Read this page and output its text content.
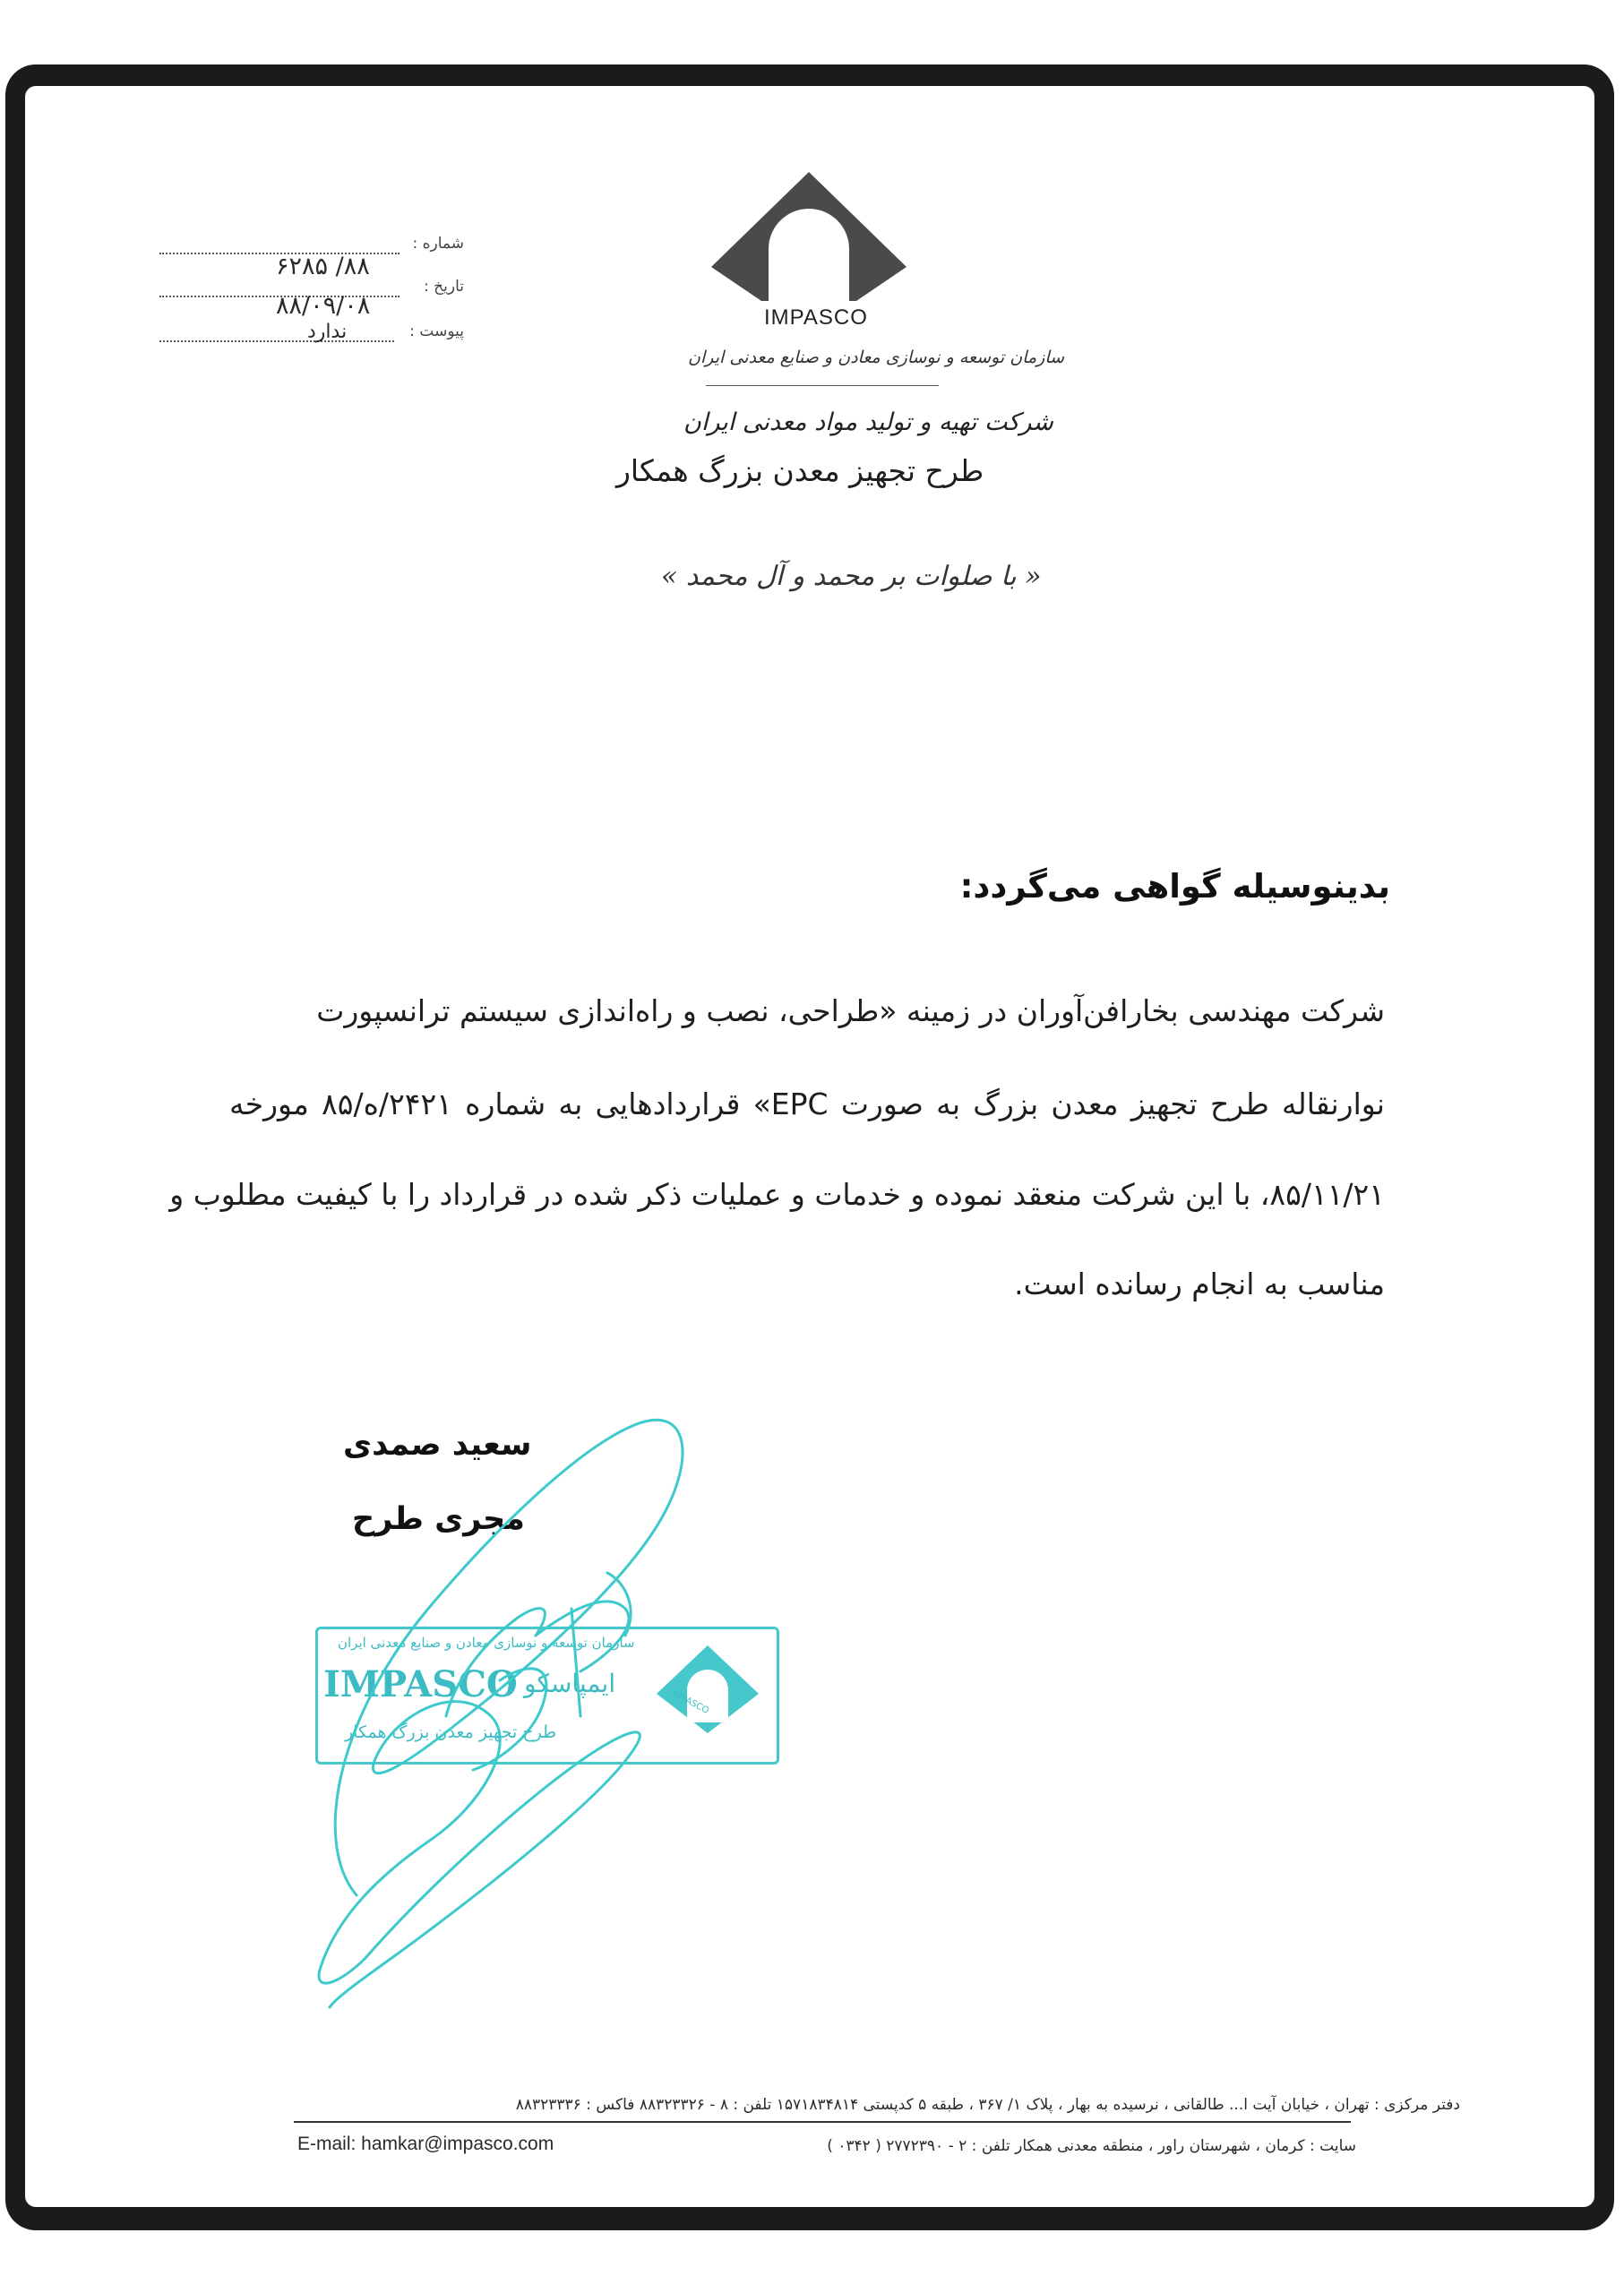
شماره :
۸۸/ ۶۲۸۵
تاریخ :
۸۸/۰۹/۰۸
پیوست :
ندارد
IMPASCO
سازمان توسعه و نوسازی معادن و صنایع معدنی ایران
شرکت تهیه و تولید مواد معدنی ایران
طرح تجهیز معدن بزرگ همکار
« با صلوات بر محمد و آل محمد »
بدینوسیله گواهی می‌گردد:
شرکت مهندسی بخارافن‌آوران در زمینه «طراحی، نصب و راه‌اندازی سیستم ترانسپورت
نوارنقاله طرح تجهیز معدن بزرگ به صورت EPC» قراردادهایی به شماره ۲۴۲۱/ه/۸۵ مورخه
۸۵/۱۱/۲۱، با این شرکت منعقد نموده و خدمات و عملیات ذکر شده در قرارداد را با کیفیت مطلوب و
مناسب به انجام رسانده است.
سعید صمدی
مجری طرح
سازمان توسعه و نوسازی معادن و صنایع معدنی ایران
IMPASCO ایمپاسکو
طرح تجهیز معدن بزرگ همکار
IMPASCO
دفتر مرکزی : تهران ، خیابان آیت ا... طالقانی ، نرسیده به بهار ، پلاک ۱/ ۳۶۷ ، طبقه ۵ کدپستی ۱۵۷۱۸۳۴۸۱۴ تلفن : ۸ - ۸۸۳۲۳۳۲۶ فاکس : ۸۸۳۲۳۳۳۶
سایت : کرمان ، شهرستان راور ، منطقه معدنی همکار تلفن : ۲ - ۲۷۷۲۳۹۰ ( ۰۳۴۲ )
E-mail: hamkar@impasco.com
